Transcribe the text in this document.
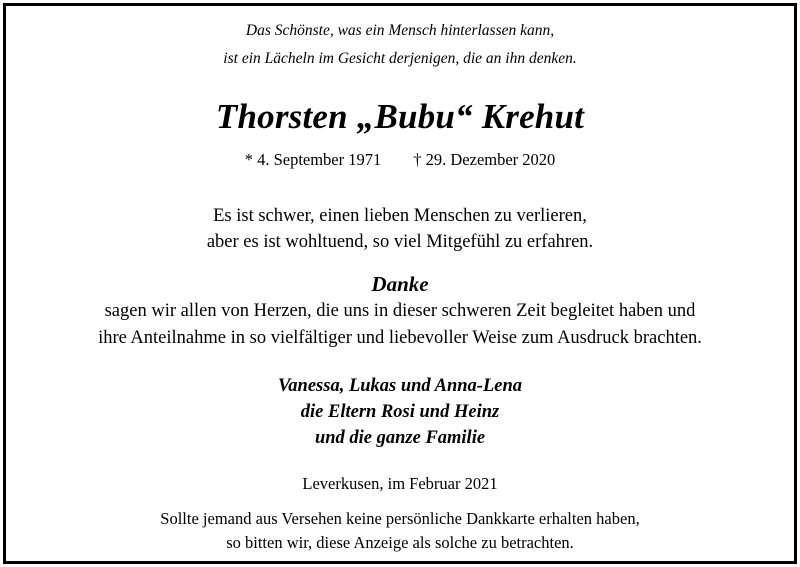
Das Schönste, was ein Mensch hinterlassen kann,
ist ein Lächeln im Gesicht derjenigen, die an ihn denken.
Thorsten „Bubu“ Krehut
* 4. September 1971 † 29. Dezember 2020
Es ist schwer, einen lieben Menschen zu verlieren,
aber es ist wohltuend, so viel Mitgefühl zu erfahren.
Danke
sagen wir allen von Herzen, die uns in dieser schweren Zeit begleitet haben und
ihre Anteilnahme in so vielfältiger und liebevoller Weise zum Ausdruck brachten.
Vanessa, Lukas und Anna-Lena
die Eltern Rosi und Heinz
und die ganze Familie
Leverkusen, im Februar 2021
Sollte jemand aus Versehen keine persönliche Dankkarte erhalten haben,
so bitten wir, diese Anzeige als solche zu betrachten.
